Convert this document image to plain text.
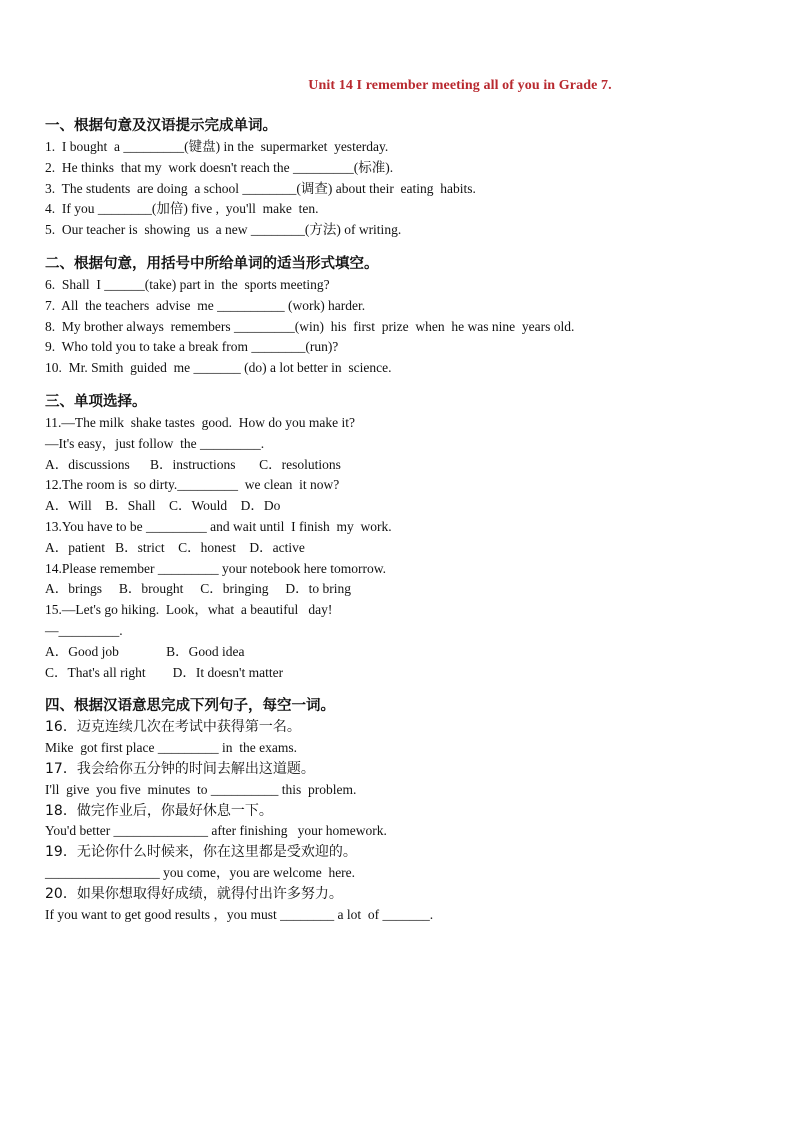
Unit 14 I remember meeting all of you in Grade 7.
一、根据句意及汉语提示完成单词。
1.  I bought  a _________(键盘) in the  supermarket  yesterday.
2.  He thinks  that my  work doesn't reach the _________(标准).
3.  The students  are doing  a school ________(调查) about their  eating  habits.
4.  If you ________(加倍) five ,  you'll  make  ten.
5.  Our teacher is  showing  us  a new ________(方法) of writing.
二、根据句意，用括号中所给单词的适当形式填空。
6.  Shall  I ______(take) part in  the  sports meeting?
7.  All  the teachers  advise  me __________ (work) harder.
8.  My brother always  remembers _________(win)  his  first  prize  when  he was nine  years old.
9.  Who told you to take a break from ________(run)?
10.  Mr. Smith  guided  me _______ (do) a lot better in  science.
三、单项选择。
11.—The milk  shake tastes  good.  How do you make it?
—It's easy，just follow  the _________.
A．discussions      B．instructions       C．resolutions
12.The room is  so dirty._________  we clean  it now?
A．Will    B．Shall    C．Would    D．Do
13.You have to be _________ and wait until  I finish  my  work.
A．patient   B．strict    C．honest    D．active
14.Please remember _________ your notebook here tomorrow.
A．brings     B．brought     C．bringing     D．to bring
15.—Let's go hiking.  Look，what  a beautiful   day!
—_________.
A．Good job              B．Good idea
C．That's all right        D．It doesn't matter
四、根据汉语意思完成下列句子，每空一词。
16．迈克连续几次在考试中获得第一名。
Mike  got first place _________ in  the exams.
17．我会给你五分钟的时间去解出这道题。
I'll  give  you five  minutes  to __________ this  problem.
18．做完作业后，你最好休息一下。
You'd better ______________ after finishing   your homework.
19．无论你什么时候来，你在这里都是受欢迎的。
_________________ you come，you are welcome  here.
20．如果你想取得好成绩，就得付出许多努力。
If you want to get good results ，you must ________ a lot  of _______.
